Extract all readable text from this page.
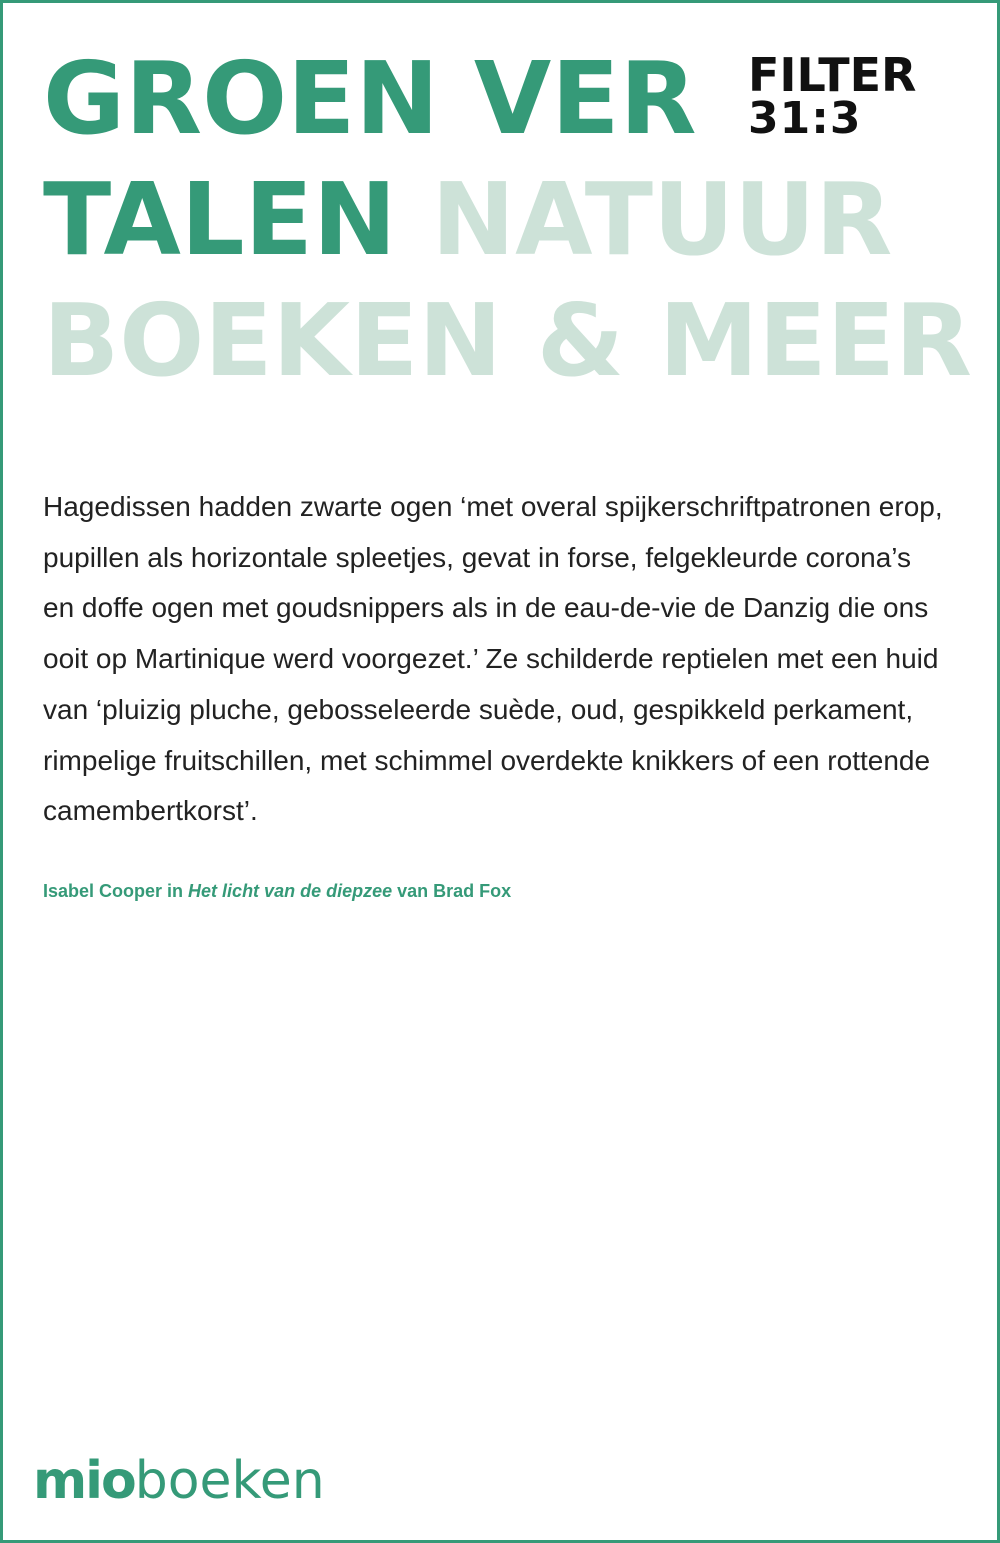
GROEN VER
TALEN NATUUR
BOEKEN & MEER
FILTER
31:3

Hagedissen hadden zwarte ogen ‘met overal spijkerschriftpatronen erop,
pupillen als horizontale spleetjes, gevat in forse, felgekleurde corona’s
en doffe ogen met goudsnippers als in de eau-de-vie de Danzig die ons
ooit op Martinique werd voorgezet.’ Ze schilderde reptielen met een huid
van ‘pluizig pluche, gebosseleerde suède, oud, gespikkeld perkament,
rimpelige fruitschillen, met schimmel overdekte knikkers of een rottende
camembertkorst’.

Isabel Cooper in Het licht van de diepzee van Brad Fox
mioboeken
